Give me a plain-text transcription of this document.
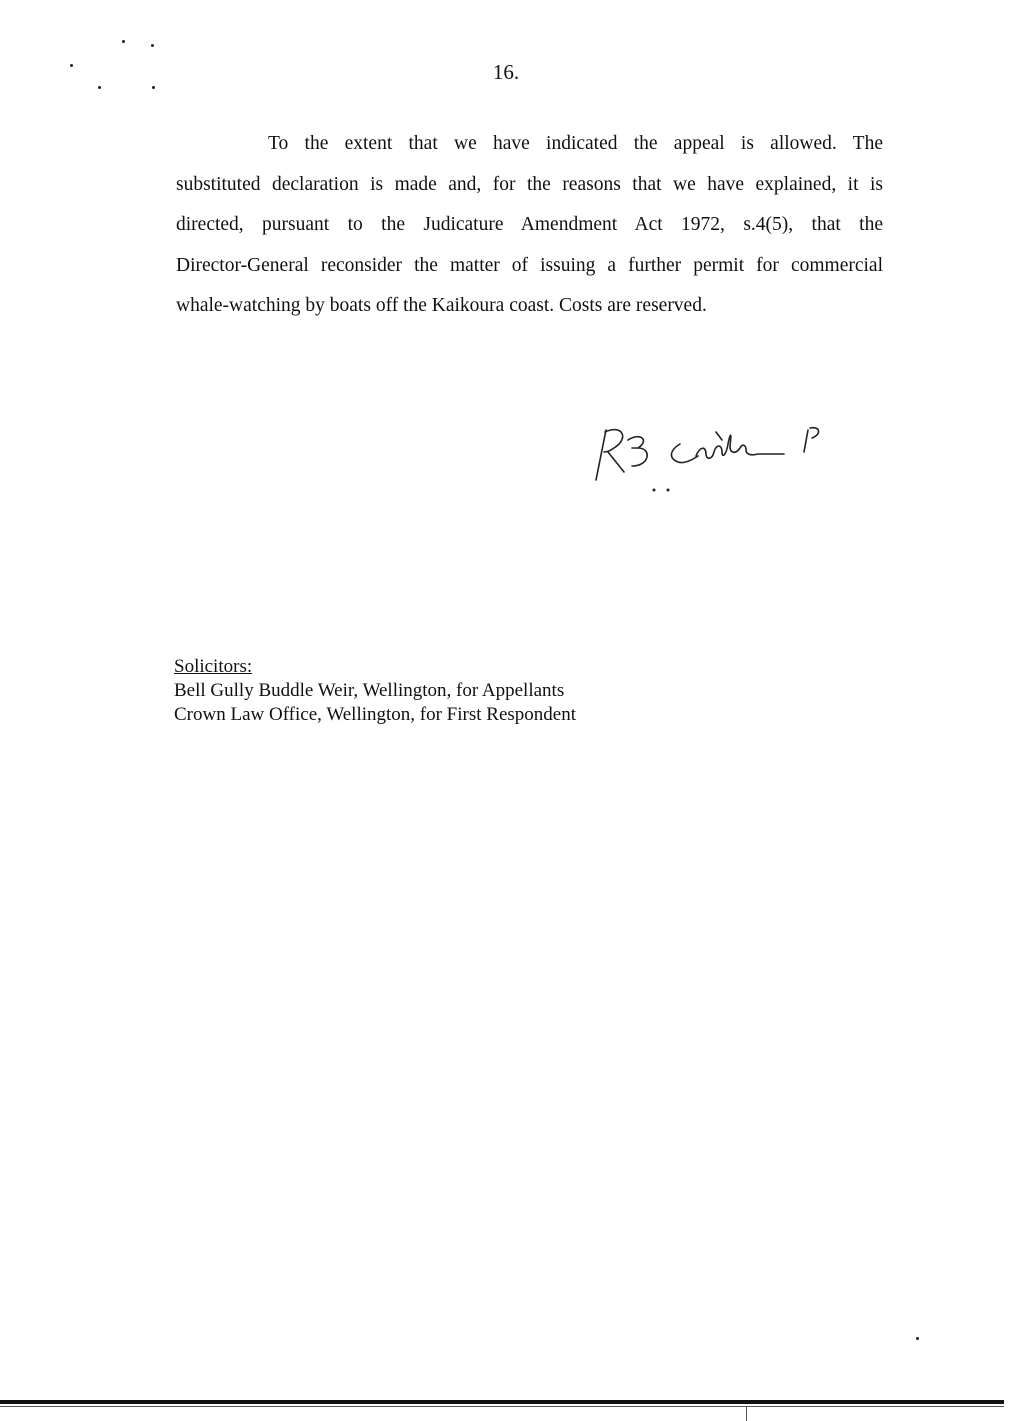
16.
To the extent that we have indicated the appeal is allowed. The
substituted declaration is made and, for the reasons that we have explained, it is
directed, pursuant to the Judicature Amendment Act 1972, s.4(5), that the
Director-General reconsider the matter of issuing a further permit for commercial
whale-watching by boats off the Kaikoura coast. Costs are reserved.
Solicitors:
Bell Gully Buddle Weir, Wellington, for Appellants
Crown Law Office, Wellington, for First Respondent
